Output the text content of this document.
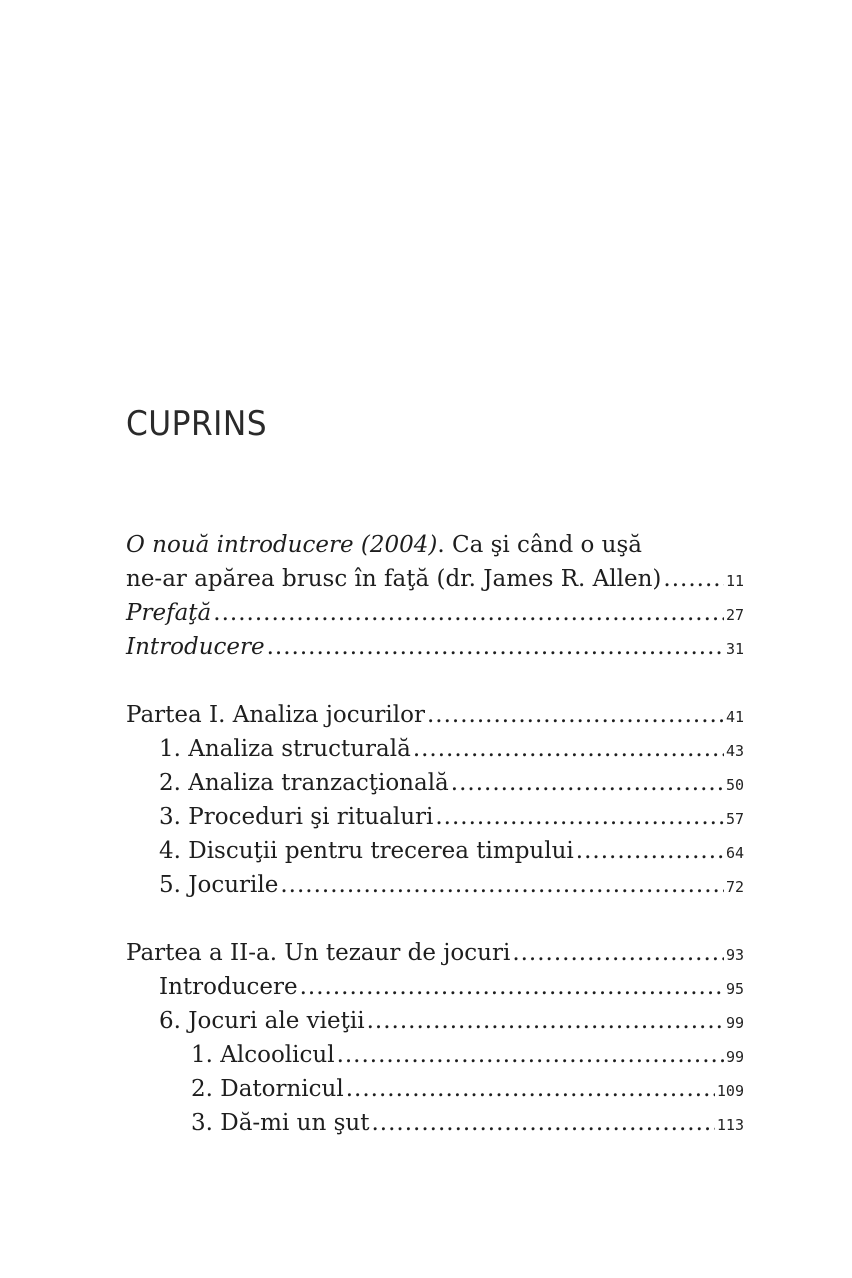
CUPRINS
O nouă introducere (2004). Ca şi când o uşă
ne-ar apărea brusc în faţă (dr. James R. Allen) .....	11
Prefaţă .....	27
Introducere .....	31
Partea I. Analiza jocurilor .....	41
1. Analiza structurală .....	43
2. Analiza tranzacţională .....	50
3. Proceduri şi ritualuri .....	57
4. Discuţii pentru trecerea timpului .....	64
5. Jocurile .....	72
Partea a II-a. Un tezaur de jocuri .....	93
Introducere .....	95
6. Jocuri ale vieţii .....	99
1. Alcoolicul .....	99
2. Datornicul .....	109
3. Dă-mi un şut .....	113
